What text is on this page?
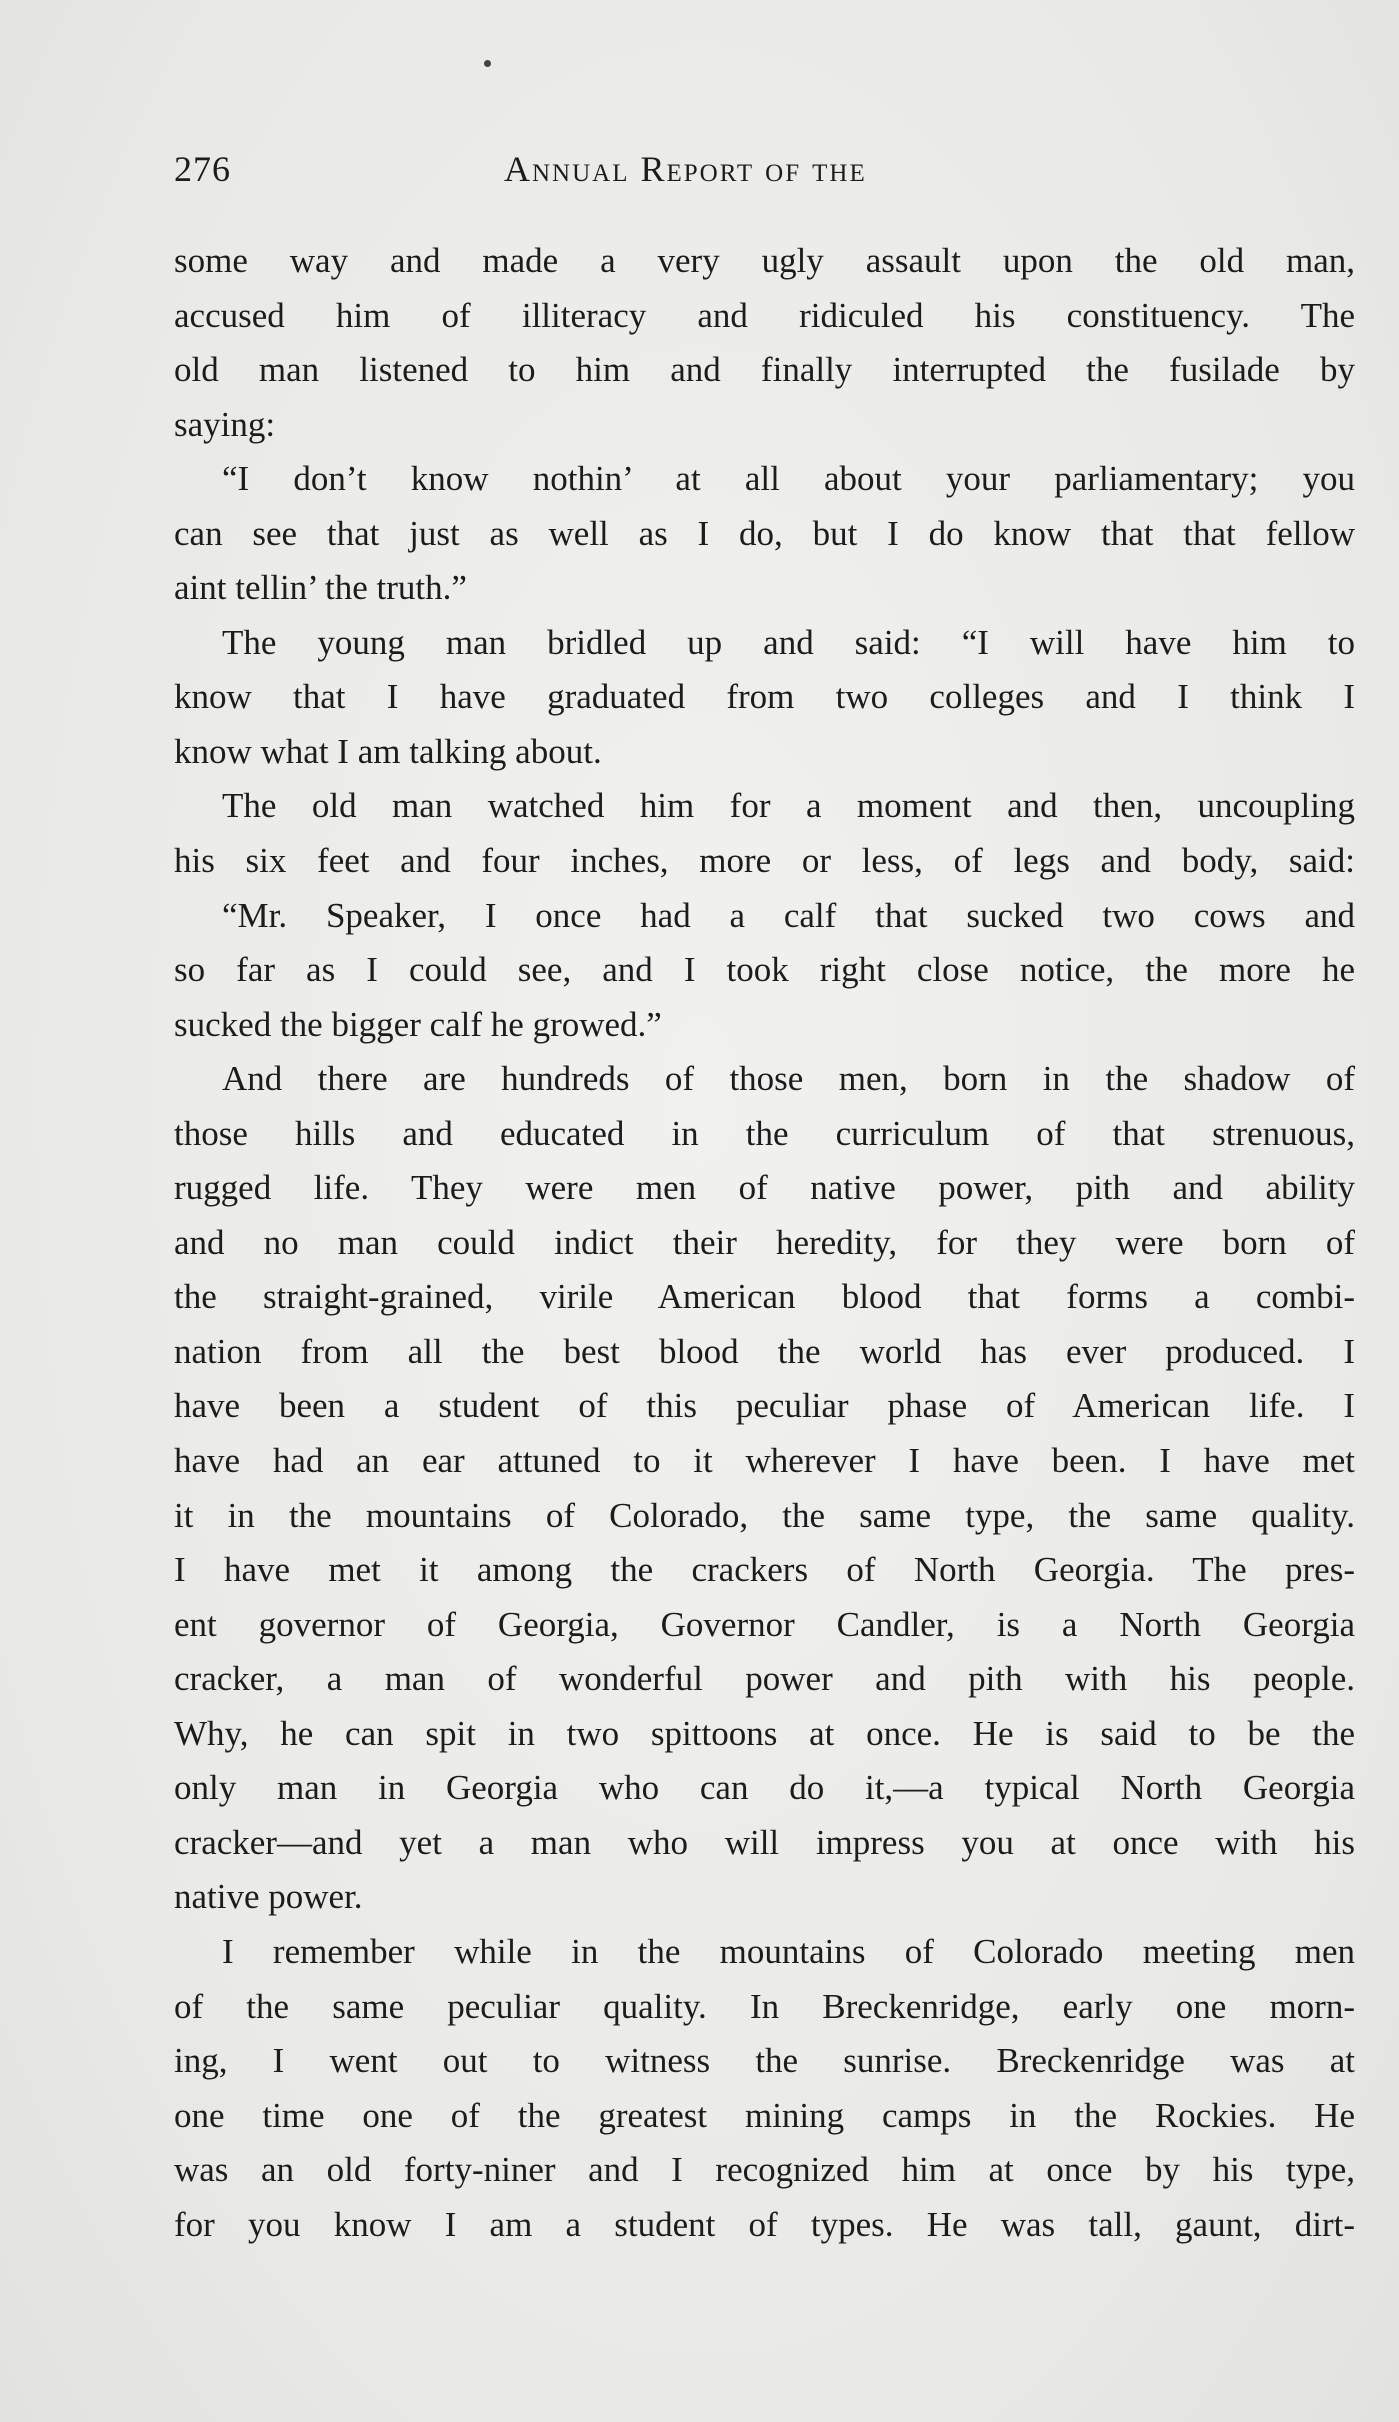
276	Annual Report of the
some way and made a very ugly assault upon the old man,
accused him of illiteracy and ridiculed his constituency. The
old man listened to him and finally interrupted the fusilade by
saying:
“I don’t know nothin’ at all about your parliamentary; you
can see that just as well as I do, but I do know that that fellow
aint tellin’ the truth.”
The young man bridled up and said: “I will have him to
know that I have graduated from two colleges and I think I
know what I am talking about.
The old man watched him for a moment and then, uncoupling
his six feet and four inches, more or less, of legs and body, said:
“Mr. Speaker, I once had a calf that sucked two cows and
so far as I could see, and I took right close notice, the more he
sucked the bigger calf he growed.”
And there are hundreds of those men, born in the shadow of
those hills and educated in the curriculum of that strenuous,
rugged life. They were men of native power, pith and ability
and no man could indict their heredity, for they were born of
the straight-grained, virile American blood that forms a combi-
nation from all the best blood the world has ever produced. I
have been a student of this peculiar phase of American life. I
have had an ear attuned to it wherever I have been. I have met
it in the mountains of Colorado, the same type, the same quality.
I have met it among the crackers of North Georgia. The pres-
ent governor of Georgia, Governor Candler, is a North Georgia
cracker, a man of wonderful power and pith with his people.
Why, he can spit in two spittoons at once. He is said to be the
only man in Georgia who can do it,—a typical North Georgia
cracker—and yet a man who will impress you at once with his
native power.
I remember while in the mountains of Colorado meeting men
of the same peculiar quality. In Breckenridge, early one morn-
ing, I went out to witness the sunrise. Breckenridge was at
one time one of the greatest mining camps in the Rockies. He
was an old forty-niner and I recognized him at once by his type,
for you know I am a student of types. He was tall, gaunt, dirt-
